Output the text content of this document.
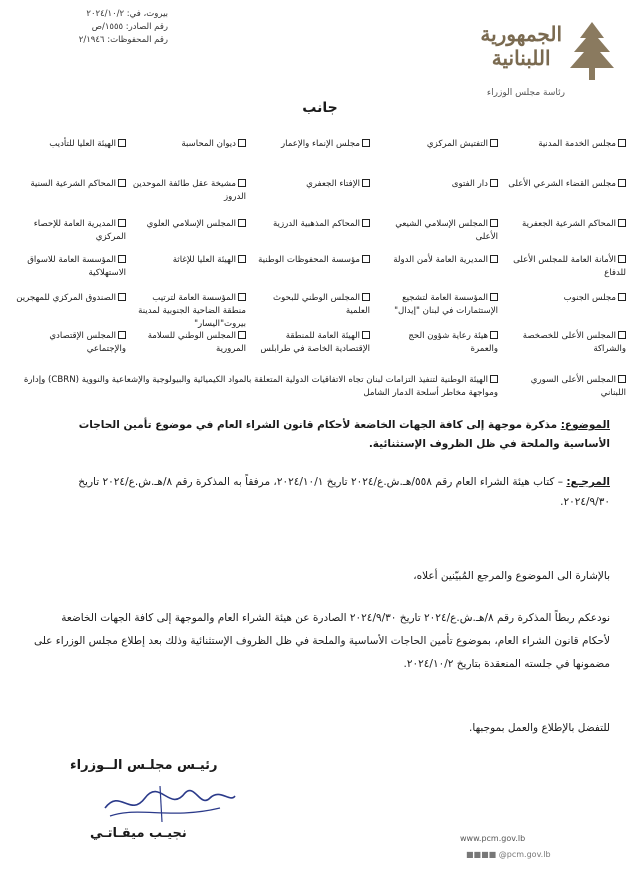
بيروت، في: ٢٠٢٤/١٠/٢
رقم الصادر: ١٥٥٥/ص
رقم المحفوظات: ٢/١٩٤٦	الجمهورية
اللبنانية
رئاسة مجلس الوزراء
جانب
مجلس الخدمة المدنية
التفتيش المركزي
مجلس الإنماء والإعمار
ديوان المحاسبة
الهيئة العليا للتأديب
مجلس القضاء الشرعي الأعلى
دار الفتوى
الإفتاء الجعفري
مشيخة عقل طائفة الموحدين الدروز
المحاكم الشرعية السنية
المحاكم الشرعية الجعفرية
المجلس الإسلامي الشيعي الأعلى
المحاكم المذهبية الدرزية
المجلس الإسلامي العلوي
المديرية العامة للإحصاء المركزي
الأمانة العامة للمجلس الأعلى للدفاع
المديرية العامة لأمن الدولة
مؤسسة المحفوظات الوطنية
الهيئة العليا للإغاثة
المؤسسة العامة للاسواق الاستهلاكية
مجلس الجنوب
المؤسسة العامة لتشجيع الإستثمارات في لبنان "إيدال"
المجلس الوطني للبحوث العلمية
المؤسسة العامة لترتيب منطقة الضاحية الجنوبية لمدينة بيروت"اليسار"
الصندوق المركزي للمهجرين
المجلس الأعلى للخصخصة والشراكة
هيئة رعاية شؤون الحج والعمرة
الهيئة العامة للمنطقة الإقتصادية الخاصة في طرابلس
المجلس الوطني للسلامة المرورية
المجلس الإقتصادي والإجتماعي
المجلس الأعلى السوري اللبناني
الهيئة الوطنية لتنفيذ التزامات لبنان تجاه الاتفاقيات الدولية المتعلقة بالمواد الكيميائية والبيولوجية والإشعاعية والنووية (CBRN) وإدارة ومواجهة مخاطر أسلحة الدمار الشامل
الموضوع: مذكرة موجهة إلى كافة الجهات الخاضعة لأحكام قانون الشراء العام في موضوع تأمين الحاجات الأساسية والملحة في ظل الظروف الإستثنائية.
المرجـع: – كتاب هيئة الشراء العام رقم ٥٥٨/هـ.ش.ع/٢٠٢٤ تاريخ ٢٠٢٤/١٠/١، مرفقاً به المذكرة رقم ٨/هـ.ش.ع/٢٠٢٤ تاريخ ٢٠٢٤/٩/٣٠.
بالإشارة الى الموضوع والمرجع المُبيّنين أعلاه،
نودعكم ربطاً المذكرة رقم ٨/هـ.ش.ع/٢٠٢٤ تاريخ ٢٠٢٤/٩/٣٠ الصادرة عن هيئة الشراء العام والموجهة إلى كافة الجهات الخاضعة لأحكام قانون الشراء العام، بموضوع تأمين الحاجات الأساسية والملحة في ظل الظروف الإستثنائية وذلك بعد إطلاع مجلس الوزراء على مضمونها في جلسته المنعقدة بتاريخ ٢٠٢٤/١٠/٢.
للتفضل بالإطلاع والعمل بموجبها.
رئيـس مجلـس الــوزراء
نجيـب ميقـاتـي	www.pcm.gov.lb
■■■■ @pcm.gov.lb
